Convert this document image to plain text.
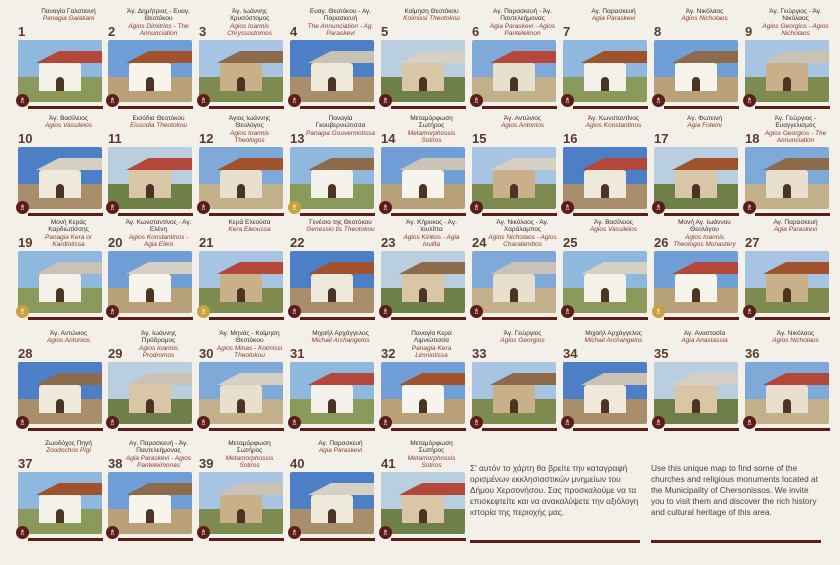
1
Παναγία Γαλατιανή
Panagia Galatiani
♗
2
Άγ. Δημήτριος - Ευαγ. Θεοτόκου
Agios Dimitrios - The Annunciation
♗
3
Άγ. Ιωάννης Χρυσόστομος
Agios Ioannis Chryssostomos
♗
4
Ευαγ. Θεοτόκου - Αγ. Παρασκευή
The Annunciation - Ag. Paraskevi
♗
5
Κοίμηση Θεοτόκου
Koimissi Theotokou
♗
6
Αγ. Παρασκευή - Άγ. Παντελεήμονας
Agia Paraskevi - Agios Panteleimon
♗
7
Αγ. Παρασκευή
Agia Paraskevi
♗
8
Άγ. Νικόλαος
Agios Nicholaos
♗
9
Άγ. Γεώργιος - Άγ. Νικόλαος
Agios Georgios - Agios Nicholaos
♗
10
Άγ. Βασίλειος
Agios Vassileios
♗
11
Εισόδια Θεοτόκου
Eissodia Theotokou
♗
12
Άγιος Ιωάννης Θεολόγος
Agios Ioannis Theologos
♗
13
Παναγία Γκουβερνιώτισσα
Panagia Gouverniotissa
♗
14
Μεταμόρφωση Σωτήρος
Metamorphossis Sotiros
♗
15
Άγ. Αντώνιος
Agios Antonios
♗
16
Άγ. Κωνσταντίνος
Agios Konstantinos
♗
17
Αγ. Φωτεινή
Agia Foteini
♗
18
Άγ. Γεώργιος - Ευαγγελισμός
Agios Georgios - The Annunciation
♗
19
Μονή Κεράς Καρδιωτίσσης
Panagia Kera or Kardiotissa
♗
20
Άγ. Κωνσταντίνος - Αγ. Ελένη
Agios Konstantinos - Agia Eleni
♗
21
Κερά Ελεούσα
Kera Eleoussa
♗
22
Γενέσιο της Θεοτόκου
Genessio tis Theotokou
♗
23
Άγ. Κήρυκος - Αγ. Ιουλίττα
Agios Kirikos - Agia Ioulita
♗
24
Άγ. Νικόλαος - Άγ. Χαράλαμπος
Agios Nicholaos - Agios Charalambos
♗
25
Άγ. Βασίλειος
Agios Vassileios
♗
26
Μονή Αγ. Ιωάννου Θεολόγου
Agios Ioannis Theologos Monastery
♗
27
Αγ. Παρασκευή
Agia Paraskevi
♗
28
Άγ. Αντώνιος
Agios Antonios
♗
29
Άγ. Ιωάννης Πρόδρομος
Agios Ioannis Prodromos
♗
30
Άγ. Μηνάς - Κοίμηση Θεοτόκου
Agios Minas - Koimissi Theotokou
♗
31
Μιχαήλ Αρχάγγελος
Michail Archangelos
♗
32
Παναγία Κερά Λιμνιώτισσα
Panagia Kera Limniotissa
♗
33
Άγ. Γεώργιος
Agios Georgios
♗
34
Μιχαήλ Αρχάγγελος
Michail Archangelos
♗
35
Αγ. Αναστασία
Agia Anastassia
♗
36
Άγ. Νικόλαος
Agios Nicholaos
♗
37
Ζωοδόχος Πηγή
Zoodochos Pigi
♗
38
Αγ. Παρασκευή - Άγ. Παντελεήμονας
Agia Paraskevi - Agios Panteleimonas
♗
39
Μεταμόρφωση Σωτήρος
Metamorphossis Sotiros
♗
40
Αγ. Παρασκευή
Agia Paraskevi
♗
41
Μεταμόρφωση Σωτήρος
Metamorphossis Sotiros
♗

Σ' αυτόν το χάρτη θα βρείτε την καταγραφή ορισμένων εκκλησιαστικών μνημείων του Δήμου Χερσονήσου. Σας προσκαλούμε να τα επισκεφτείτε και να ανακαλύψετε την αξιόλογη ιστορία της περιοχής μας.

Use this unique map to find some of the churches and religious monuments located at the Municipality of Chersonissos. We invite you to visit them and discover the rich history and cultural heritage of this area.
